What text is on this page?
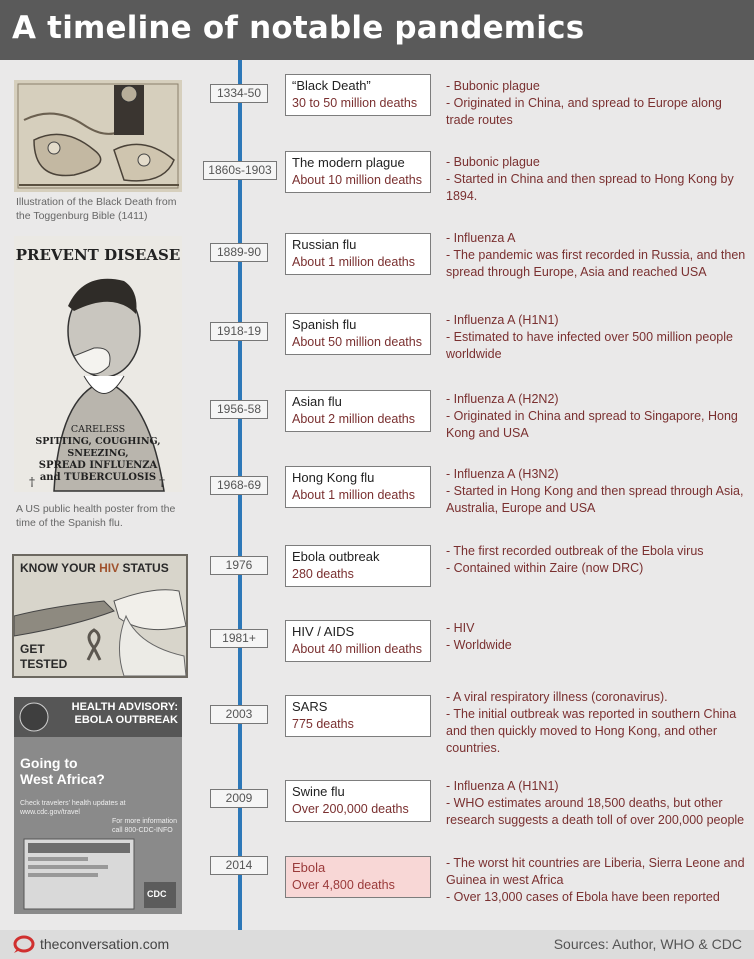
A timeline of notable pandemics
Illustration of the Black Death from the Toggenburg Bible (1411)
†	†
PREVENT DISEASE
CARELESS
SPITTING, COUGHING, SNEEZING,
SPREAD INFLUENZA
and TUBERCULOSIS
A US public health poster from the time of the Spanish flu.
KNOW YOUR HIV STATUS
GET
TESTED
HEALTH ADVISORY:
EBOLA OUTBREAK
Going to
West Africa?
Check travelers' health updates at
www.cdc.gov/travel
For more information
call 800-CDC-INFO
CDC
1334-50	“Black Death”
30 to 50 million deaths
- Bubonic plague
- Originated in China, and spread to Europe along trade routes
1860s-1903	The modern plague
About 10 million deaths
- Bubonic plague
- Started in China and then spread to Hong Kong by 1894.
1889-90	Russian flu
About 1 million deaths
- Influenza A
- The pandemic was first recorded in Russia, and then spread through Europe, Asia and reached USA
1918-19	Spanish flu
About 50 million deaths
- Influenza A (H1N1)
- Estimated to have infected over 500 million people worldwide
1956-58	Asian flu
About 2 million deaths
- Influenza A (H2N2)
- Originated in China and spread to Singapore, Hong Kong and USA
1968-69	Hong Kong flu
About 1 million deaths
- Influenza A (H3N2)
- Started in Hong Kong and then spread through Asia, Australia, Europe and USA
1976
Ebola outbreak
280 deaths
- The first recorded outbreak of the Ebola virus
- Contained within Zaire (now DRC)
1981+	HIV / AIDS
About 40 million deaths
- HIV
- Worldwide
2003	SARS
775 deaths
- A viral respiratory illness (coronavirus).
- The initial outbreak was reported in southern China and then quickly moved to Hong Kong, and other countries.
2009	Swine flu
Over 200,000 deaths
- Influenza A (H1N1)
- WHO estimates around 18,500 deaths, but other research suggests a death toll of over 200,000 people
2014	Ebola
Over 4,800 deaths
- The worst hit countries are Liberia, Sierra Leone and Guinea in west Africa
- Over 13,000 cases of Ebola have been reported
theconversation.com	Sources: Author, WHO & CDC
